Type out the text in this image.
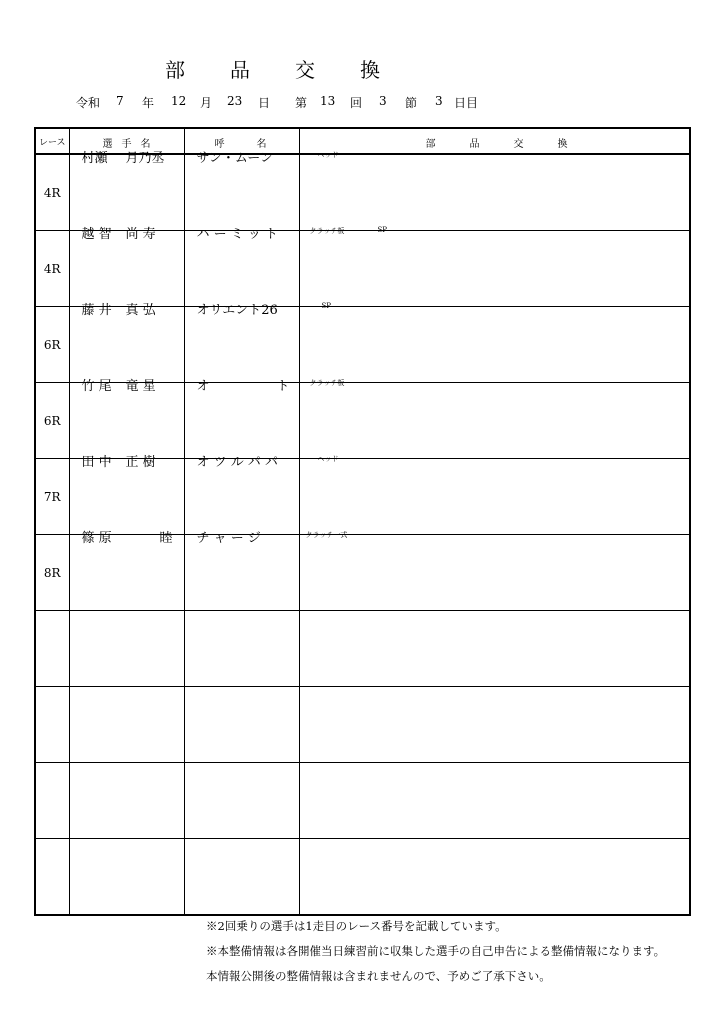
部 品 交 換
令和 7 年 12 月 23 日 第 13 回 3 節 3 日目
レース	選 手 名	呼 名	部 品 交 換

4R	村瀬 月乃丞	サン・ムーン	ヘッド

4R	越 智 尚 寿	ハ ー ミ ッ ト	クラッチ板 SP

6R	藤 井 真 弘	オリエント26	SP

6R	竹 尾 竜 星	オ ト	クラッチ板

7R	田 中 正 樹	オ ツ ル パ パ	ヘッド

8R	篠 原 睦	チ ャ ー ジ	クラッチ一式

※2回乗りの選手は1走目のレース番号を記載しています。
※本整備情報は各開催当日練習前に収集した選手の自己申告による整備情報になります。
本情報公開後の整備情報は含まれませんので、予めご了承下さい。
